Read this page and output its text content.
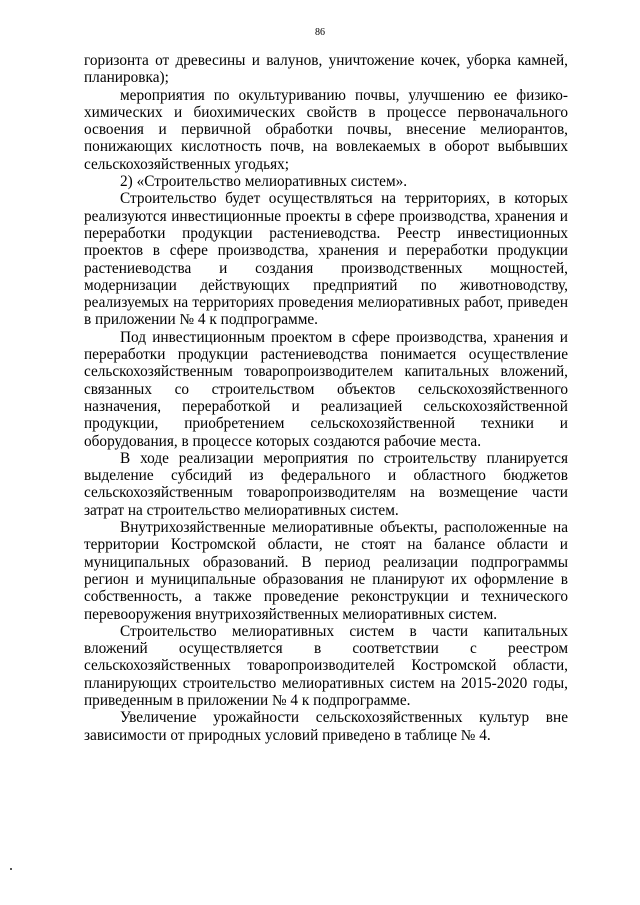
86

горизонта от древесины и валунов, уничтожение кочек, уборка камней, планировка);

мероприятия по окультуриванию почвы, улучшению ее физико-химических и биохимических свойств в процессе первоначального освоения и первичной обработки почвы, внесение мелиорантов, понижающих кислотность почв, на вовлекаемых в оборот выбывших сельскохозяйственных угодьях;

2) «Строительство мелиоративных систем».

Строительство будет осуществляться на территориях, в которых реализуются инвестиционные проекты в сфере производства, хранения и переработки продукции растениеводства. Реестр инвестиционных проектов в сфере производства, хранения и переработки продукции растениеводства и создания производственных мощностей, модернизации действующих предприятий по животноводству, реализуемых на территориях проведения мелиоративных работ, приведен в приложении № 4 к подпрограмме.

Под инвестиционным проектом в сфере производства, хранения и переработки продукции растениеводства понимается осуществление сельскохозяйственным товаропроизводителем капитальных вложений, связанных со строительством объектов сельскохозяйственного назначения, переработкой и реализацией сельскохозяйственной продукции, приобретением сельскохозяйственной техники и оборудования, в процессе которых создаются рабочие места.

В ходе реализации мероприятия по строительству планируется выделение субсидий из федерального и областного бюджетов сельскохозяйственным товаропроизводителям на возмещение части затрат на строительство мелиоративных систем.

Внутрихозяйственные мелиоративные объекты, расположенные на территории Костромской области, не стоят на балансе области и муниципальных образований. В период реализации подпрограммы регион и муниципальные образования не планируют их оформление в собственность, а также проведение реконструкции и технического перевооружения внутрихозяйственных мелиоративных систем.

Строительство мелиоративных систем в части капитальных вложений осуществляется в соответствии с реестром сельскохозяйственных товаропроизводителей Костромской области, планирующих строительство мелиоративных систем на 2015-2020 годы, приведенным в приложении № 4 к подпрограмме.

Увеличение урожайности сельскохозяйственных культур вне зависимости от природных условий приведено в таблице № 4.
